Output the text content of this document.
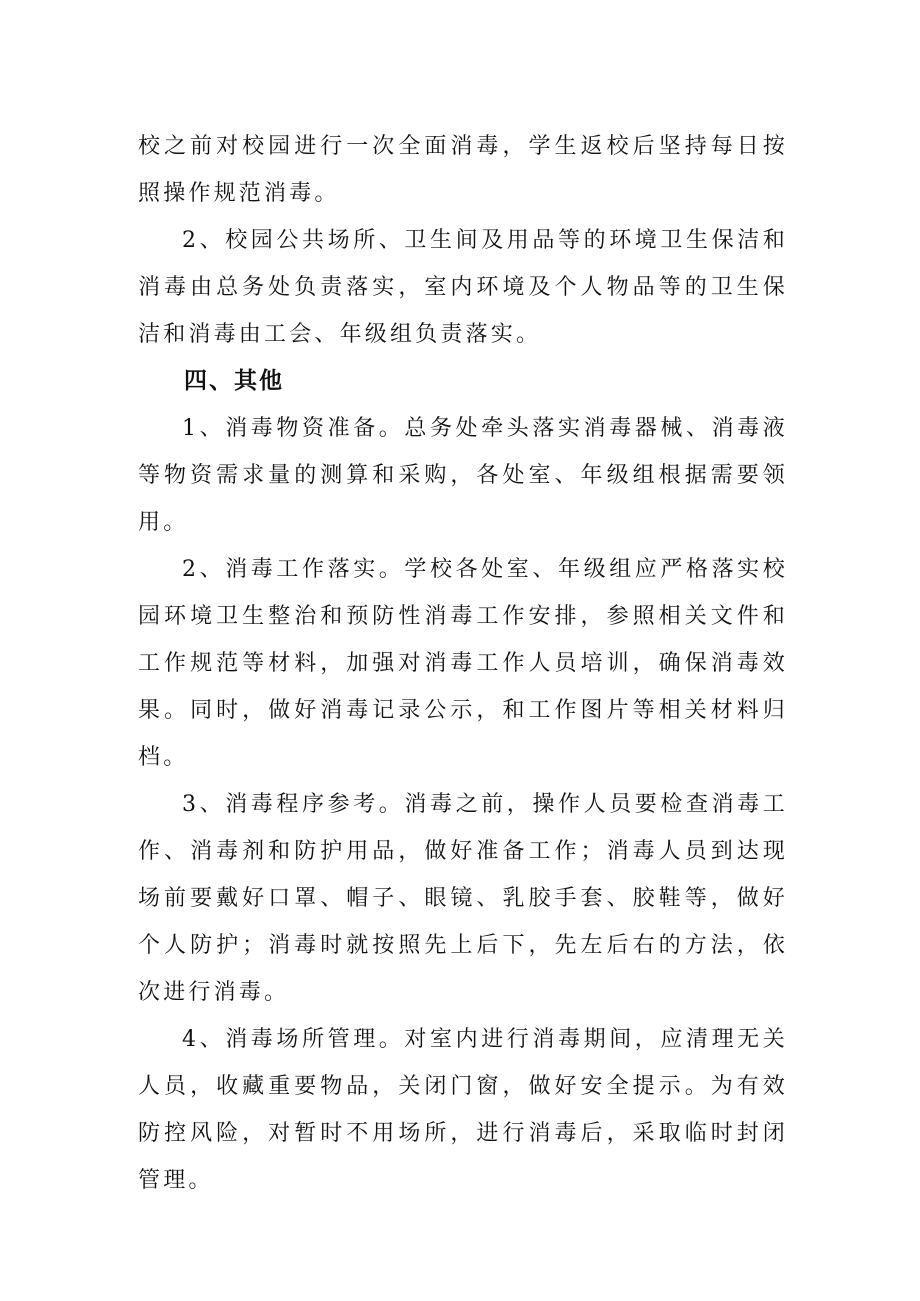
校之前对校园进行一次全面消毒，学生返校后坚持每日按照操作规范消毒。

2、校园公共场所、卫生间及用品等的环境卫生保洁和消毒由总务处负责落实，室内环境及个人物品等的卫生保洁和消毒由工会、年级组负责落实。

四、其他

1、消毒物资准备。总务处牵头落实消毒器械、消毒液等物资需求量的测算和采购，各处室、年级组根据需要领用。

2、消毒工作落实。学校各处室、年级组应严格落实校园环境卫生整治和预防性消毒工作安排，参照相关文件和工作规范等材料，加强对消毒工作人员培训，确保消毒效果。同时，做好消毒记录公示，和工作图片等相关材料归档。

3、消毒程序参考。消毒之前，操作人员要检查消毒工作、消毒剂和防护用品，做好准备工作；消毒人员到达现场前要戴好口罩、帽子、眼镜、乳胶手套、胶鞋等，做好个人防护；消毒时就按照先上后下，先左后右的方法，依次进行消毒。

4、消毒场所管理。对室内进行消毒期间，应清理无关人员，收藏重要物品，关闭门窗，做好安全提示。为有效防控风险，对暂时不用场所，进行消毒后，采取临时封闭管理。
